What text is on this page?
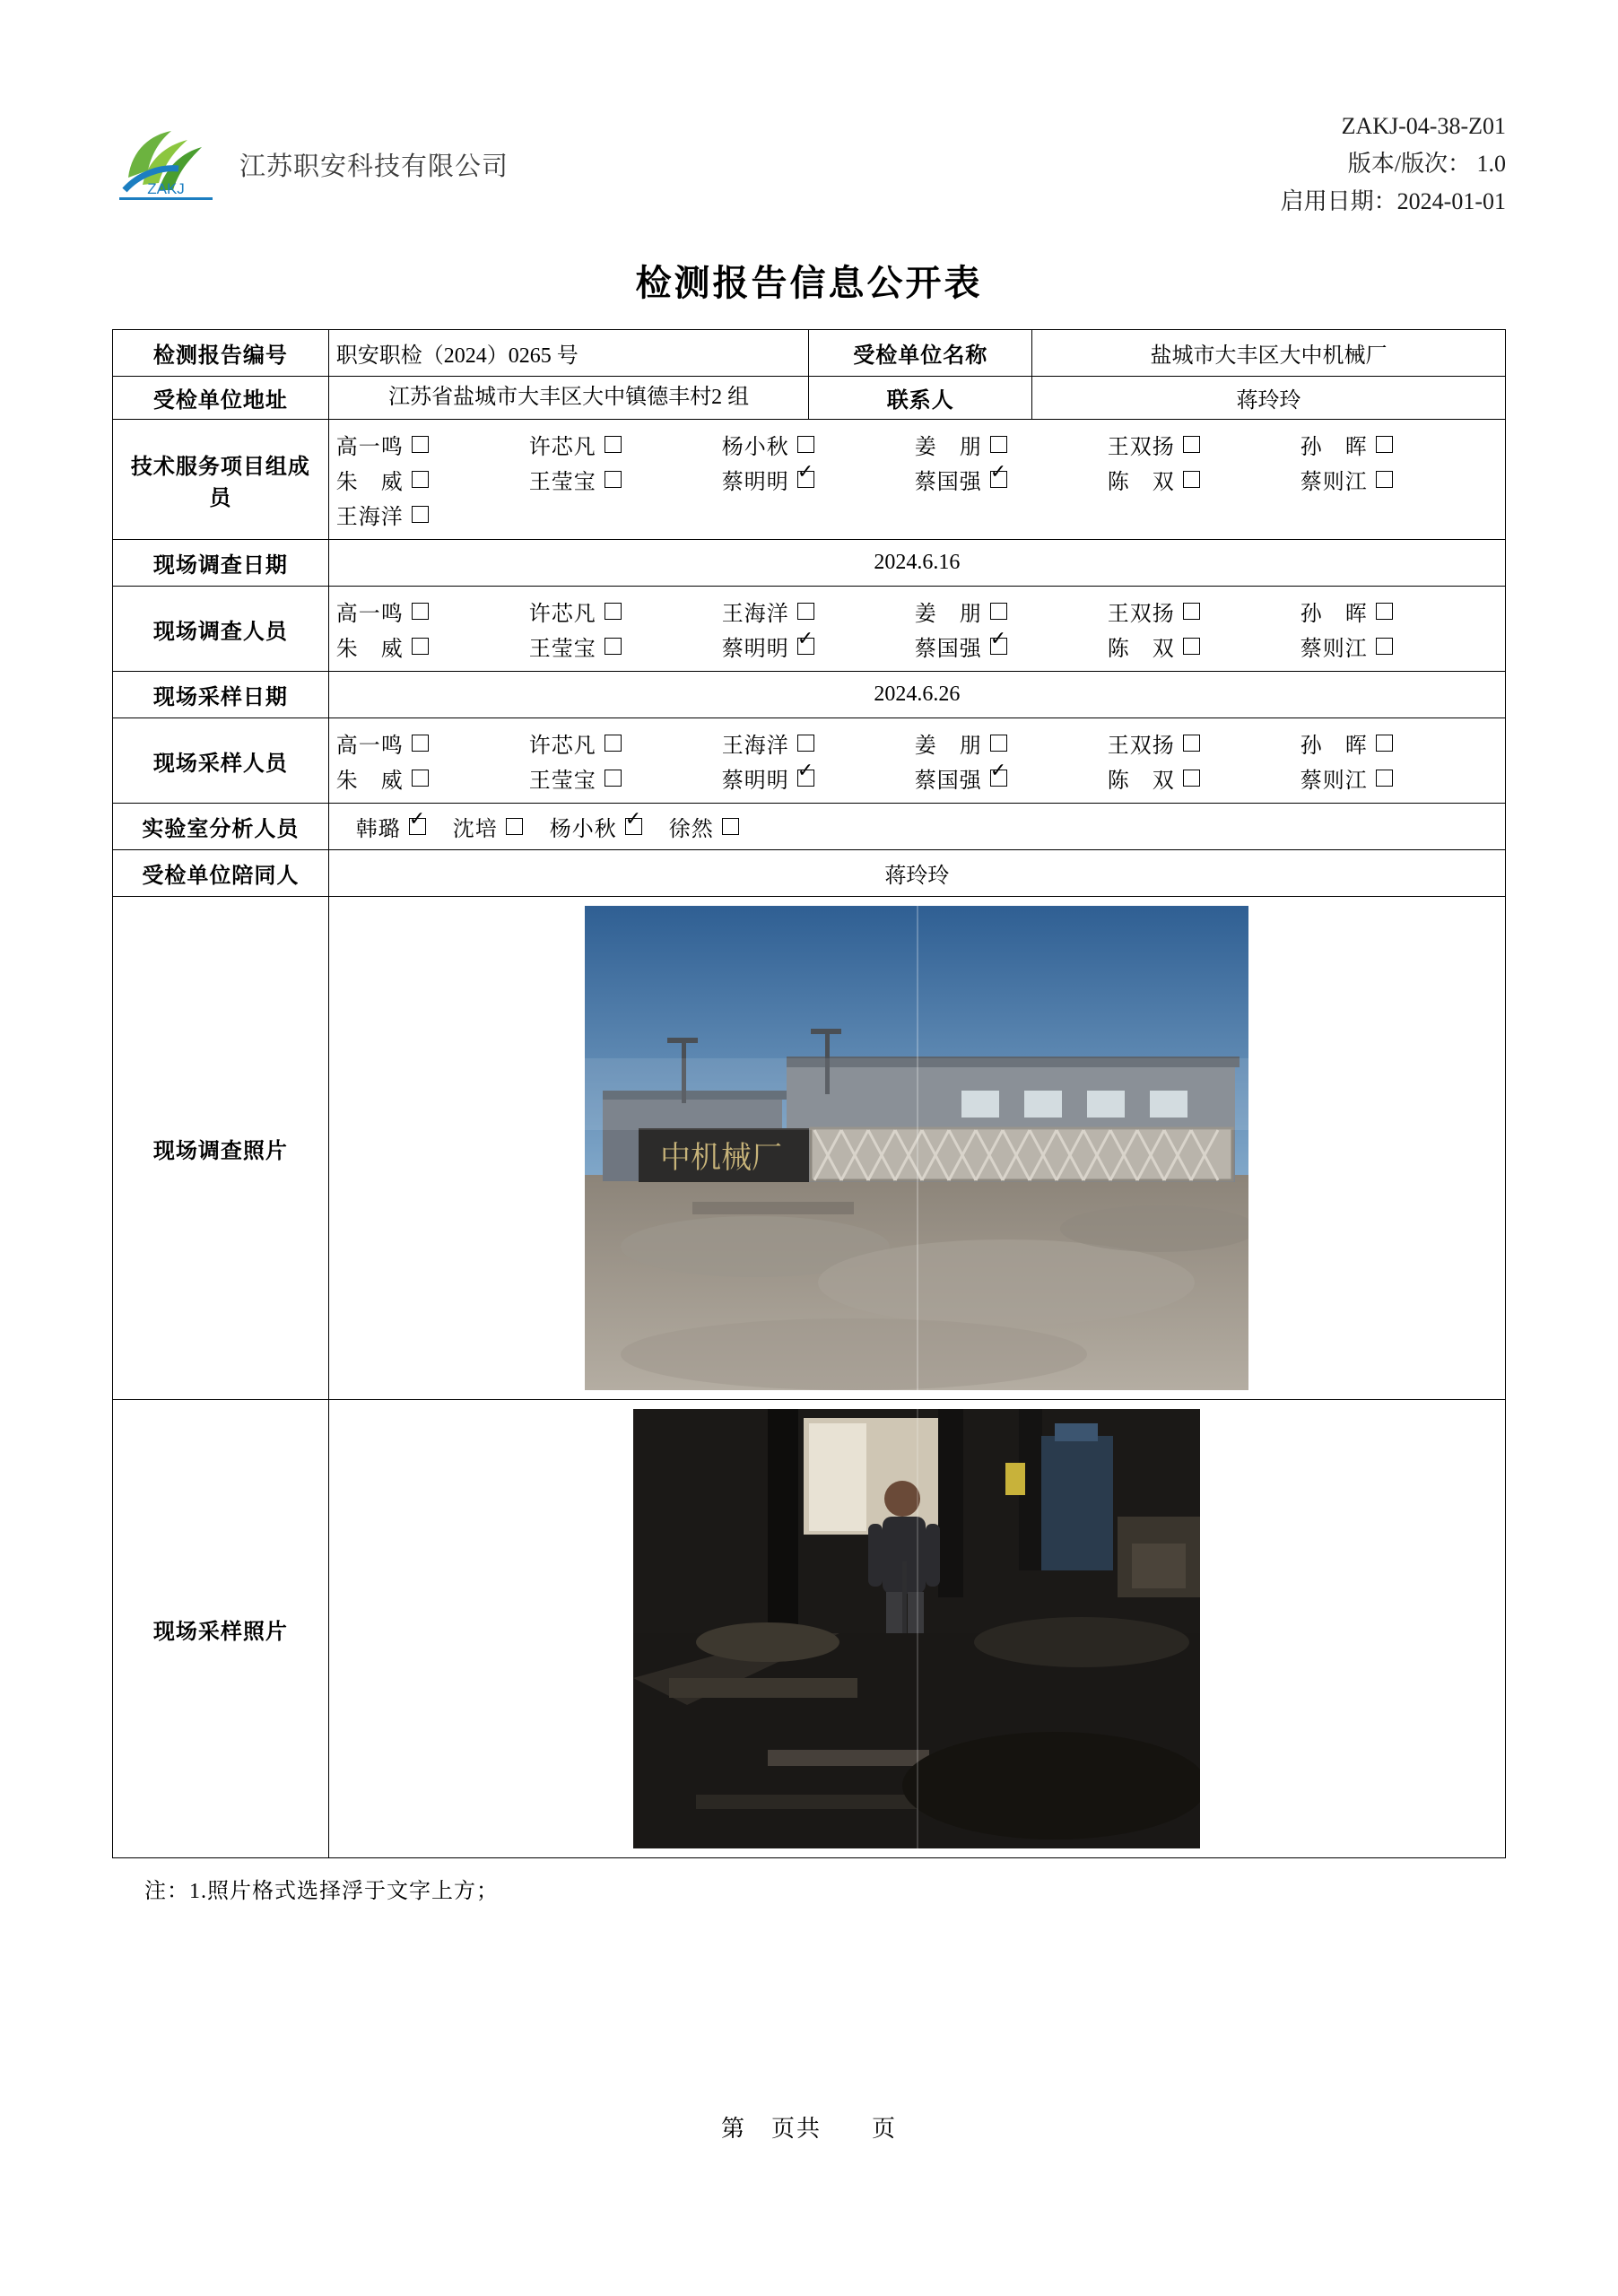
ZAKJ
江苏职安科技有限公司
ZAKJ-04-38-Z01
版本/版次： 1.0
启用日期：2024-01-01
检测报告信息公开表
检测报告编号	职安职检（2024）0265 号	受检单位名称	盐城市大丰区大中机械厂
受检单位地址	江苏省盐城市大丰区大中镇德丰村2 组	联系人	蒋玲玲
技术服务项目组成员	
高一鸣	许芯凡	杨小秋	姜　朋	王双扬	孙　晖
朱　威	王莹宝	蔡明明 ✓	蔡国强 ✓	陈　双	蔡则江
王海洋

现场调查日期	2024.6.16		
现场调查人员	
高一鸣	许芯凡	王海洋	姜　朋	王双扬	孙　晖
朱　威	王莹宝	蔡明明 ✓	蔡国强 ✓	陈　双	蔡则江

现场采样日期	2024.6.26		
现场采样人员	
高一鸣	许芯凡	王海洋	姜　朋	王双扬	孙　晖
朱　威	王莹宝	蔡明明 ✓	蔡国强 ✓	陈　双	蔡则江

实验室分析人员	韩璐 ✓ 沈培 杨小秋 ✓ 徐然

受检单位陪同人	蒋玲玲		
现场调查照片	中机械厂		

现场采样照片	
注：1.照片格式选择浮于文字上方；
第　页共　　页
